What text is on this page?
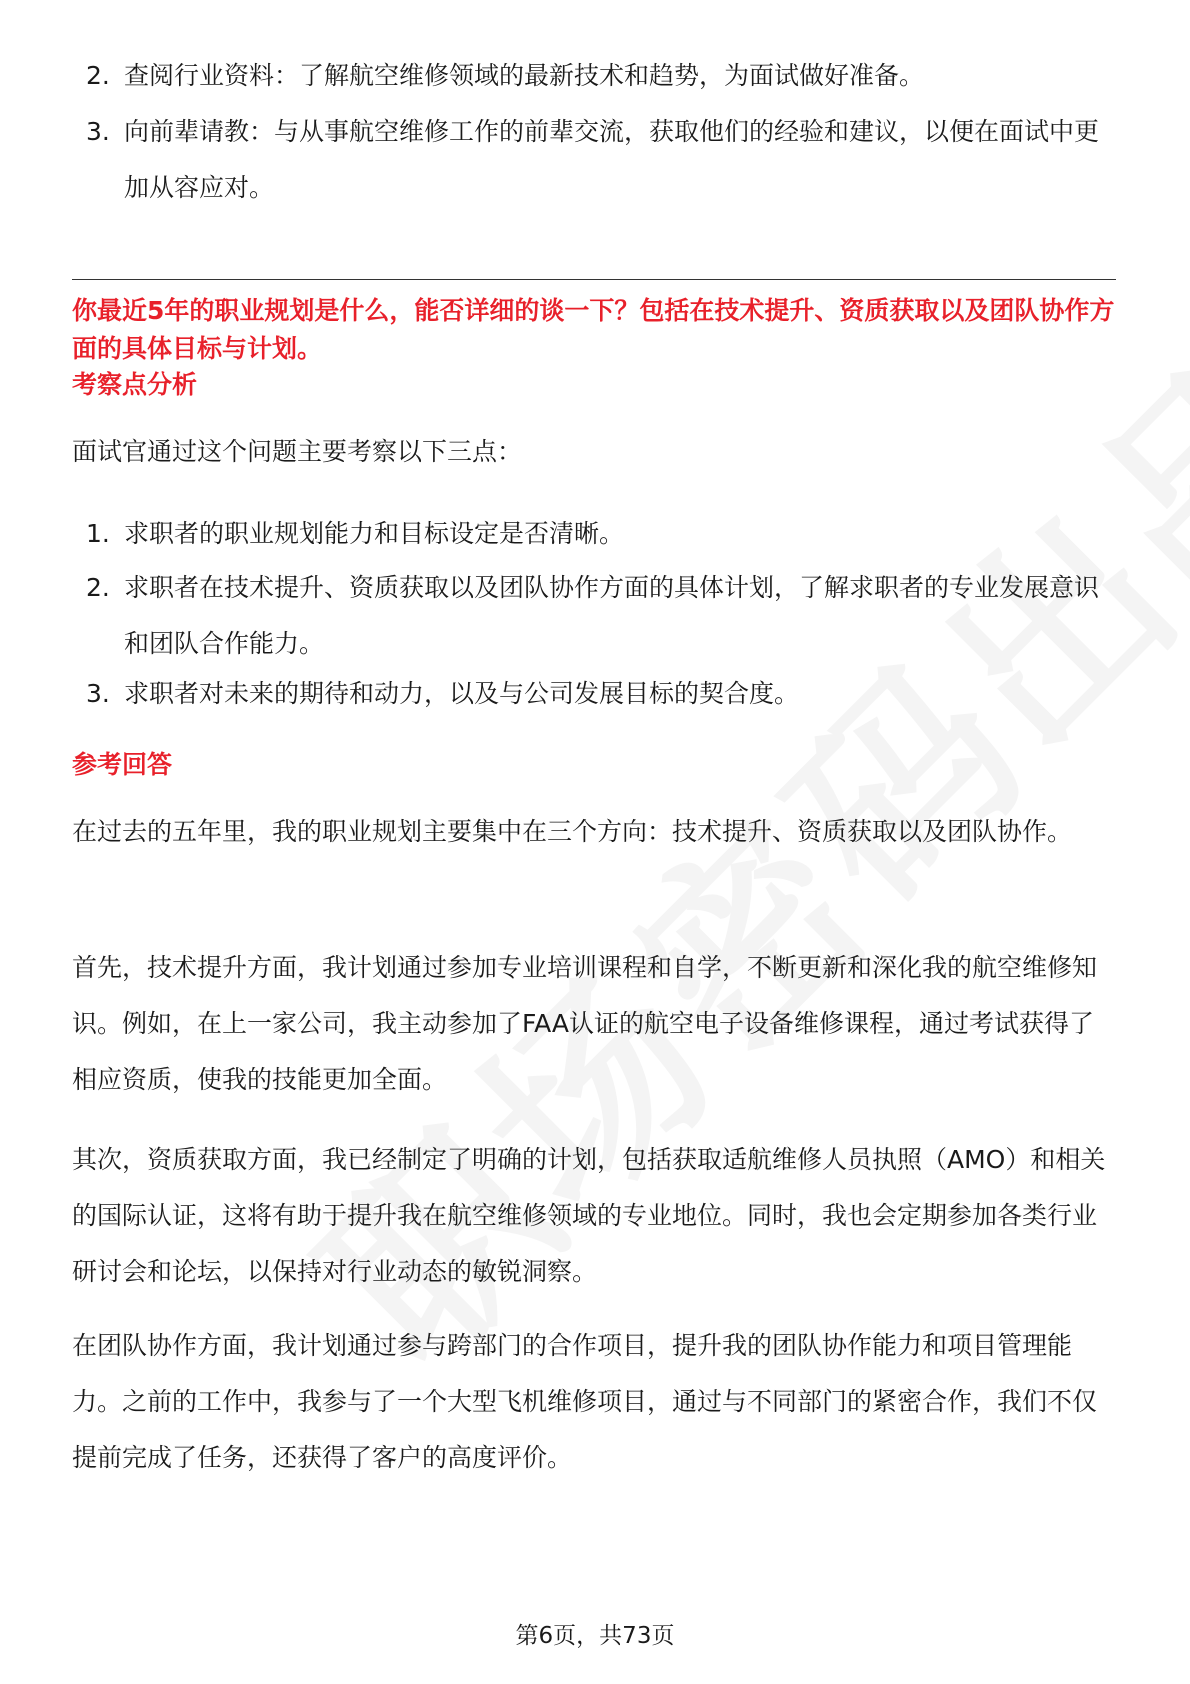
2. 查阅行业资料：了解航空维修领域的最新技术和趋势，为面试做好准备。
3. 向前辈请教：与从事航空维修工作的前辈交流，获取他们的经验和建议，以便在面试中更加从容应对。
你最近5年的职业规划是什么，能否详细的谈一下？包括在技术提升、资质获取以及团队协作方面的具体目标与计划。
考察点分析
面试官通过这个问题主要考察以下三点：
1. 求职者的职业规划能力和目标设定是否清晰。
2. 求职者在技术提升、资质获取以及团队协作方面的具体计划，了解求职者的专业发展意识和团队合作能力。
3. 求职者对未来的期待和动力，以及与公司发展目标的契合度。
参考回答
在过去的五年里，我的职业规划主要集中在三个方向：技术提升、资质获取以及团队协作。
首先，技术提升方面，我计划通过参加专业培训课程和自学，不断更新和深化我的航空维修知识。例如，在上一家公司，我主动参加了FAA认证的航空电子设备维修课程，通过考试获得了相应资质，使我的技能更加全面。
其次，资质获取方面，我已经制定了明确的计划，包括获取适航维修人员执照（AMO）和相关的国际认证，这将有助于提升我在航空维修领域的专业地位。同时，我也会定期参加各类行业研讨会和论坛，以保持对行业动态的敏锐洞察。
在团队协作方面，我计划通过参与跨部门的合作项目，提升我的团队协作能力和项目管理能力。之前的工作中，我参与了一个大型飞机维修项目，通过与不同部门的紧密合作，我们不仅提前完成了任务，还获得了客户的高度评价。
第6页，共73页
